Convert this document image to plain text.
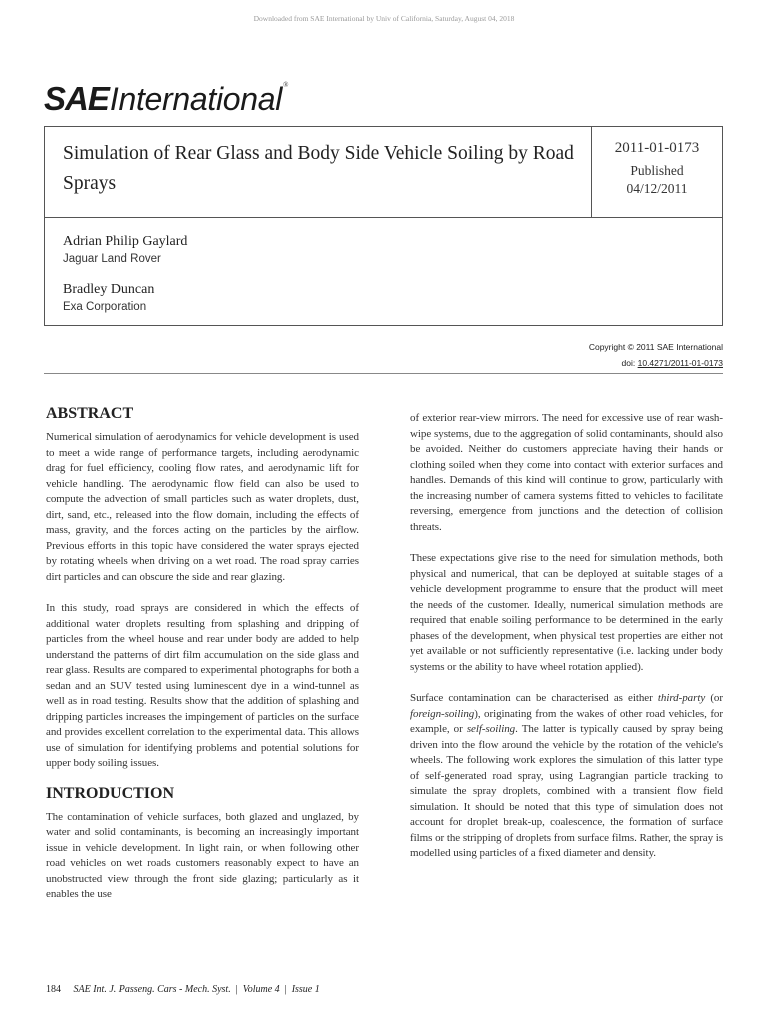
Downloaded from SAE International by Univ of California, Saturday, August 04, 2018
SAE International ®
Simulation of Rear Glass and Body Side Vehicle Soiling by Road Sprays
2011-01-0173
Published
04/12/2011
Adrian Philip Gaylard
Jaguar Land Rover
Bradley Duncan
Exa Corporation
Copyright © 2011 SAE International
doi: 10.4271/2011-01-0173
ABSTRACT

Numerical simulation of aerodynamics for vehicle development is used to meet a wide range of performance targets, including aerodynamic drag for fuel efficiency, cooling flow rates, and aerodynamic lift for vehicle handling. The aerodynamic flow field can also be used to compute the advection of small particles such as water droplets, dust, dirt, sand, etc., released into the flow domain, including the effects of mass, gravity, and the forces acting on the particles by the airflow. Previous efforts in this topic have considered the water sprays ejected by rotating wheels when driving on a wet road. The road spray carries dirt particles and can obscure the side and rear glazing.

In this study, road sprays are considered in which the effects of additional water droplets resulting from splashing and dripping of particles from the wheel house and rear under body are added to help understand the patterns of dirt film accumulation on the side glass and rear glass. Results are compared to experimental photographs for both a sedan and an SUV tested using luminescent dye in a wind-tunnel as well as in road testing. Results show that the addition of splashing and dripping particles increases the impingement of particles on the surface and provides excellent correlation to the experimental data. This allows use of simulation for identifying problems and potential solutions for upper body soiling issues.

INTRODUCTION

The contamination of vehicle surfaces, both glazed and unglazed, by water and solid contaminants, is becoming an increasingly important issue in vehicle development. In light rain, or when following other road vehicles on wet roads customers reasonably expect to have an unobstructed view through the front side glazing; particularly as it enables the use

of exterior rear-view mirrors. The need for excessive use of rear wash-wipe systems, due to the aggregation of solid contaminants, should also be avoided. Neither do customers appreciate having their hands or clothing soiled when they come into contact with exterior surfaces and handles. Demands of this kind will continue to grow, particularly with the increasing number of camera systems fitted to vehicles to facilitate reversing, emergence from junctions and the detection of collision threats.

These expectations give rise to the need for simulation methods, both physical and numerical, that can be deployed at suitable stages of a vehicle development programme to ensure that the product will meet the needs of the customer. Ideally, numerical simulation methods are required that enable soiling performance to be determined in the early phases of the development, when physical test properties are either not yet available or not sufficiently representative (i.e. lacking under body systems or the ability to have wheel rotation applied).

Surface contamination can be characterised as either third-party (or foreign-soiling), originating from the wakes of other road vehicles, for example, or self-soiling. The latter is typically caused by spray being driven into the flow around the vehicle by the rotation of the vehicle's wheels. The following work explores the simulation of this latter type of self-generated road spray, using Lagrangian particle tracking to simulate the spray droplets, combined with a transient flow field simulation. It should be noted that this type of simulation does not account for droplet break-up, coalescence, the formation of surface films or the stripping of droplets from surface films. Rather, the spray is modelled using particles of a fixed diameter and density.

184 SAE Int. J. Passeng. Cars - Mech. Syst. | Volume 4 | Issue 1
